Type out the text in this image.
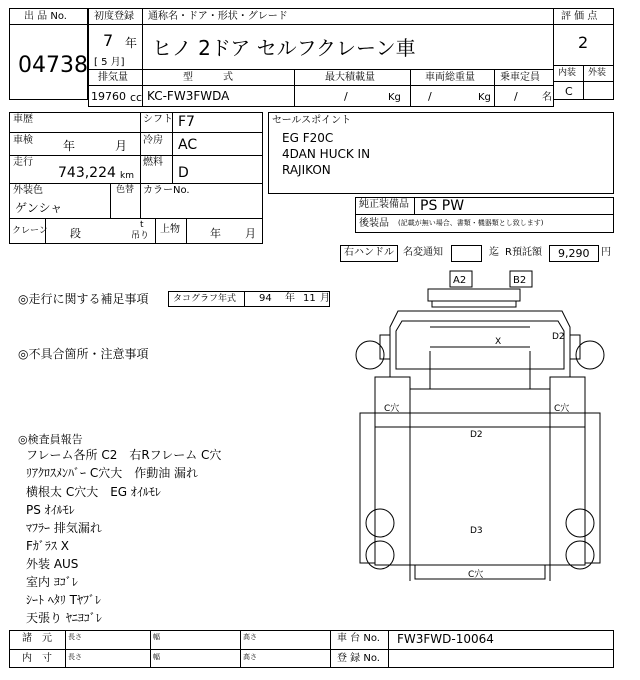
出 品 No.
04738
初度登録
7 年
[ 5 月]
通称名・ドア・形状・グレード
ヒノ 2ドア セルフクレーン車
評 価 点
2
内装 外装
C
排気量	型　　　式	最大積載量	車両総重量	乗車定員
19760 cc KC-FW3FWDA	/	Kg /	Kg / 名
車歴	シフト F7
車検	年	月 冷房 AC
走行
743,224 km
燃料
D
外装色
ゲンシャ
色替 カラーNo.
クレーン 段
t
吊り
上物	年 月
セールスポイント
EG F20C
4DAN HUCK IN
RAJIKON
純正装備品 PS PW
後装品 (記載が無い場合、書類・機器類とし致します)
右ハンドル 名変通知	迄 R預託額 9,290 円
◎走行に関する補足事項	タコグラフ年式 94 年 11 月
◎不具合箇所・注意事項
◎検査員報告
フレーム各所 C2　右Rフレーム C穴
ﾘｱｸﾛｽﾒﾝﾊﾞｰ C穴大　作動油 漏れ
横根太 C穴大　EG ｵｲﾙﾓﾚ
PS ｵｲﾙﾓﾚ
ﾏﾌﾗｰ 排気漏れ
Fｶﾞﾗｽ X
外装 AUS
室内 ﾖｺﾞﾚ
ｼｰﾄ ﾍﾀﾘ Tﾔﾌﾞﾚ
天張り ﾔﾆﾖｺﾞﾚ
A2	B2
X	D2
C穴	C穴
D2
D3
C穴
諸　元 長さ	幅	高さ
内　寸 長さ	幅	高さ
車 台 No. FW3FWD-10064
登 録 No.
